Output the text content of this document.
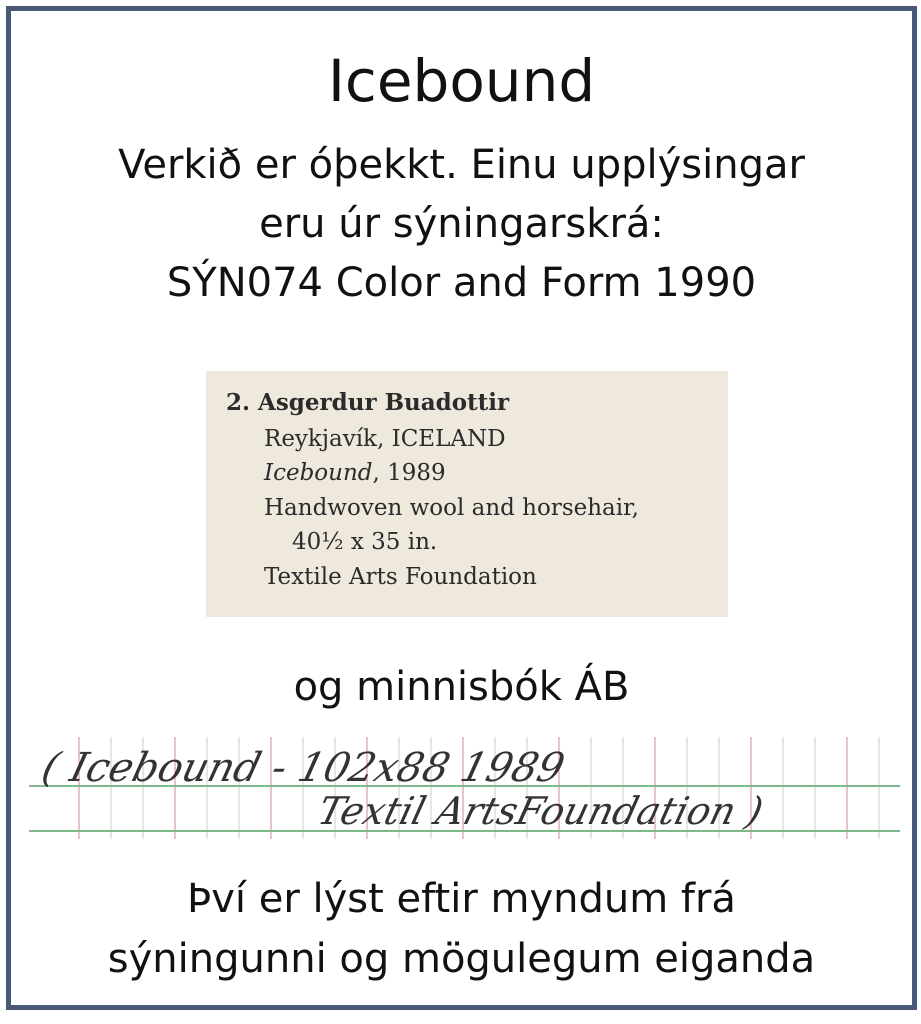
Icebound
Verkið er óþekkt. Einu upplýsingar
eru úr sýningarskrá:
SÝN074 Color and Form 1990
2. Asgerdur Buadottir
Reykjavík, ICELAND
Icebound, 1989
Handwoven wool and horsehair,
40½ x 35 in.
Textile Arts Foundation
og minnisbók ÁB
( Icebound - 102x88 1989
Textil ArtsFoundation )
Því er lýst eftir myndum frá
sýningunni og mögulegum eiganda
